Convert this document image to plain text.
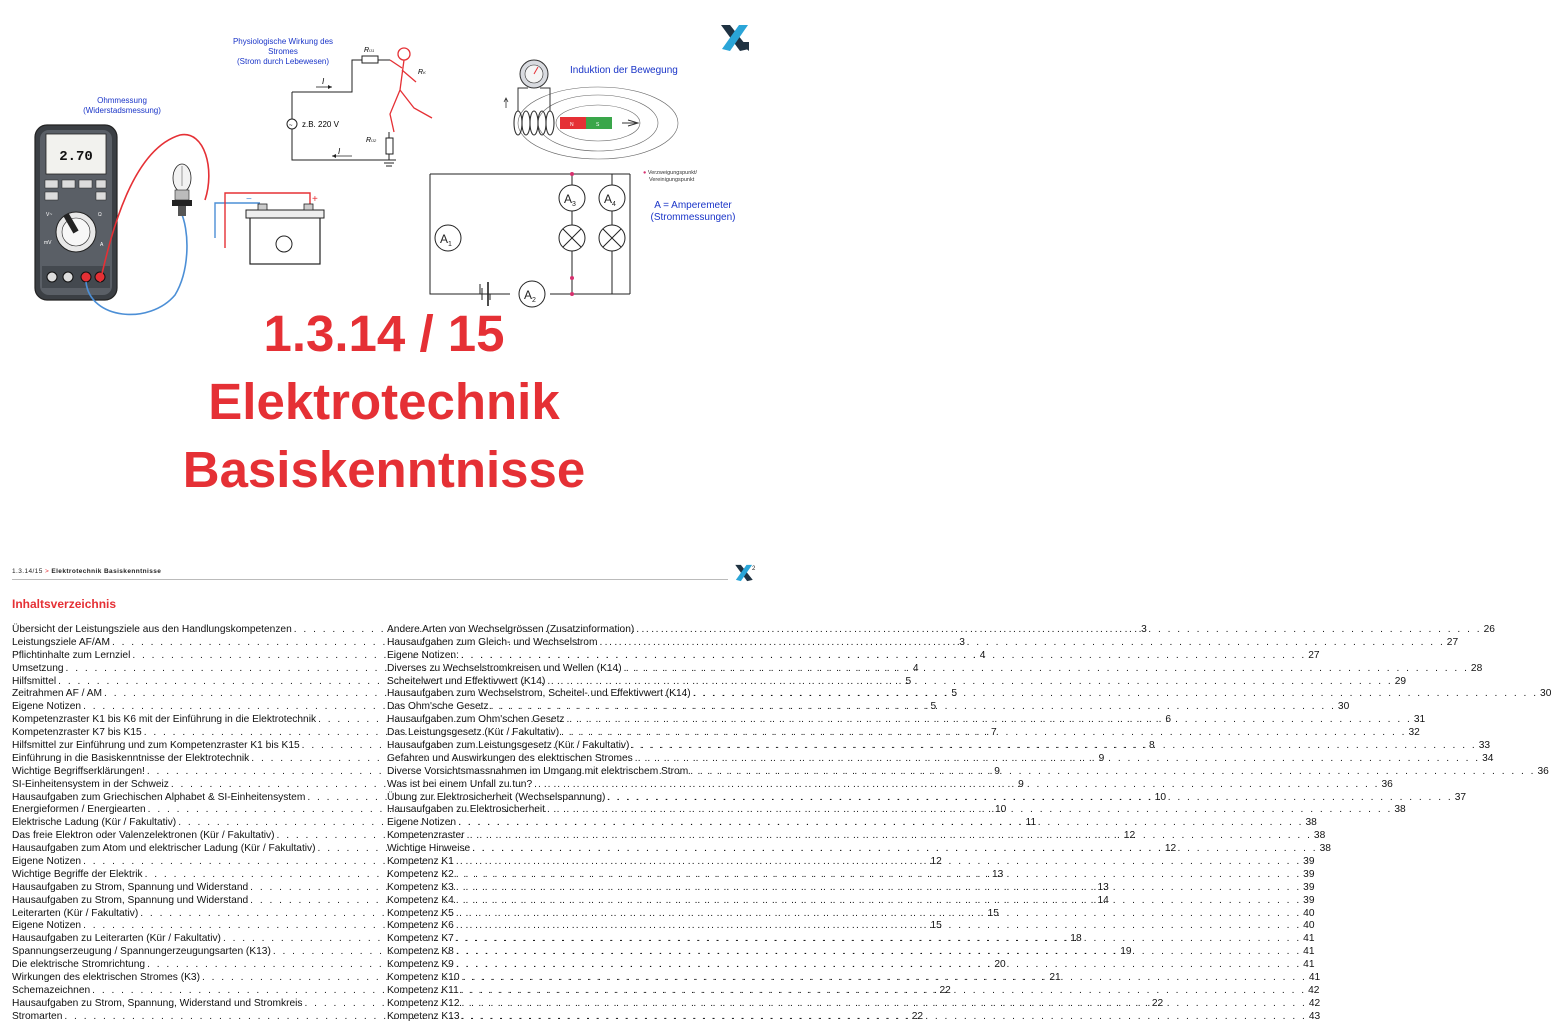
2.70
V~	Ω
mV	A
Ohmmessung
(Widerstadsmessung)
+
−
~ z.B. 220 V
I
I
RÜ1
RK
RÜ2
Physiologische Wirkung des
Stromes
(Strom durch Lebewesen)
N	S
Induktion der Bewegung
$A_1$
$A_2$
$A_3$ $A_4$
● Verzweigungspunkt/
Vereinigungspunkt
A = Amperemeter
(Strommessungen)
1.3.14 / 15
Elektrotechnik
Basiskenntnisse
1.3.14/15 > Elektrotechnik Basiskenntnisse	2
Inhaltsverzeichnis
Übersicht der Leistungsziele aus den Handlungskompetenzen . . .	3
Leistungsziele AF/AM . . .	3
Pflichtinhalte zum Lernziel . . .	4
Umsetzung . . .	4
Hilfsmittel . . .	5
Zeitrahmen AF / AM . . .	5
Eigene Notizen . . .	5
Kompetenzraster K1 bis K6 mit der Einführung in die Elektrotechnik . . .	6
Kompetenzraster K7 bis K15 . . .	7
Hilfsmittel zur Einführung und zum Kompetenzraster K1 bis K15 . . .	8
Einführung in die Basiskenntnisse der Elektrotechnik . . .	9
Wichtige Begriffserklärungen! . . .	9
SI-Einheitensystem in der Schweiz . . .	9
Hausaufgaben zum Griechischen Alphabet & SI-Einheitensystem . . .	10
Energieformen / Energiearten . . .	10
Elektrische Ladung (Kür / Fakultativ) . . .	11
Das freie Elektron oder Valenzelektronen (Kür / Fakultativ) . . .	12
Hausaufgaben zum Atom und elektrischer Ladung (Kür / Fakultativ) . . .	12
Eigene Notizen . . .	12
Wichtige Begriffe der Elektrik . . .	13
Hausaufgaben zu Strom, Spannung und Widerstand . . .	13
Hausaufgaben zu Strom, Spannung und Widerstand . . .	14
Leiterarten (Kür / Fakultativ) . . .	15
Eigene Notizen . . .	15
Hausaufgaben zu Leiterarten (Kür / Fakultativ) . . .	18
Spannungserzeugung / Spannungerzeugungsarten (K13) . . .	19
Die elektrische Stromrichtung . . .	20
Wirkungen des elektrischen Stromes (K3) . . .	21
Schemazeichnen . . .	22
Hausaufgaben zu Strom, Spannung, Widerstand und Stromkreis . . .	22
Stromarten . . .	22
Andere Arten von Wechselgrössen (Zusatzinformation) . . .	26
Hausaufgaben zum Gleich- und Wechselstrom . . .	27
Eigene Notizen: . . .	27
Diverses zu Wechselstromkreisen und Wellen (K14) . . .	28
Scheitelwert und Effektivwert (K14) . . .	29
Hausaufgaben zum Wechselstrom, Scheitel- und Effektivwert (K14) . . .	30
Das Ohm'sche Gesetz . . .	30
Hausaufgaben zum Ohm'schen Gesetz . . .	31
Das Leistungsgesetz (Kür / Fakultativ) . . .	32
Hausaufgaben zum Leistungsgesetz (Kür / Fakultativ) . . .	33
Gefahren und Auswirkungen des elektrischen Stromes . . .	34
Diverse Vorsichtsmassnahmen im Umgang mit elektrischem Strom . . .	36
Was ist bei einem Unfall zu tun? . . .	36
Übung zur Elektrosicherheit (Wechselspannung) . . .	37
Hausaufgaben zu Elektrosicherheit . . .	38
Eigene Notizen . . .	38
Kompetenzraster . . .	38
Wichtige Hinweise . . .	38
Kompetenz K1 . . .	39
Kompetenz K2 . . .	39
Kompetenz K3 . . .	39
Kompetenz K4 . . .	39
Kompetenz K5 . . .	40
Kompetenz K6 . . .	40
Kompetenz K7 . . .	41
Kompetenz K8 . . .	41
Kompetenz K9 . . .	41
Kompetenz K10 . . .	41
Kompetenz K11 . . .	42
Kompetenz K12 . . .	42
Kompetenz K13 . . .	43
